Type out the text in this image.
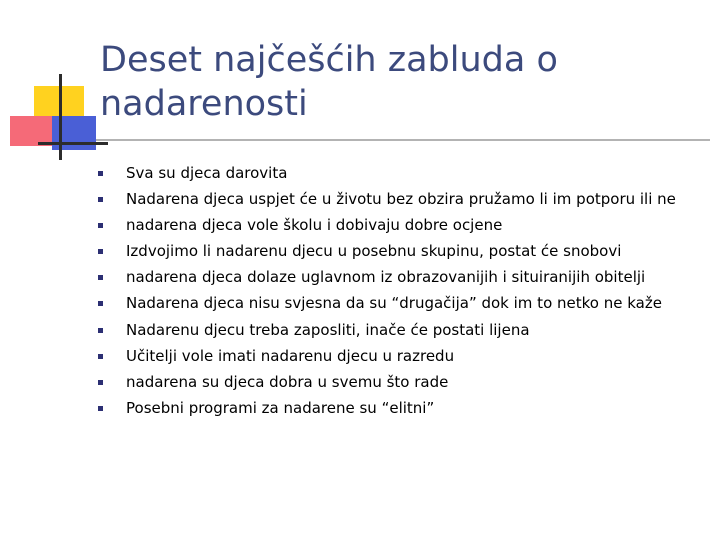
Deset najčešćih zabluda o nadarenosti
Sva su djeca darovita
Nadarena djeca uspjet će u životu bez obzira pružamo li im potporu ili ne
nadarena djeca vole školu i dobivaju dobre ocjene
Izdvojimo li nadarenu djecu u posebnu skupinu, postat će snobovi
nadarena djeca dolaze uglavnom iz obrazovanijih i situiranijih obitelji
Nadarena djeca nisu svjesna da su “drugačija” dok im to netko ne kaže
Nadarenu djecu treba zaposliti, inače će postati lijena
Učitelji vole imati nadarenu djecu u razredu
nadarena su djeca dobra u svemu što rade
Posebni programi za nadarene su “elitni”
